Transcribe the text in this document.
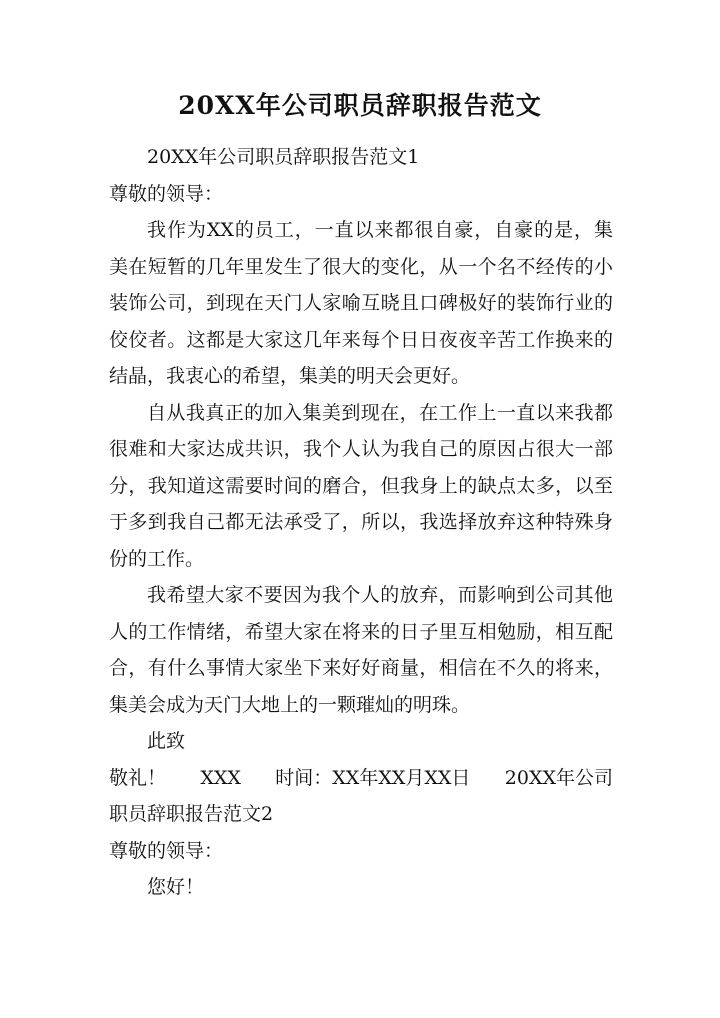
20XX年公司职员辞职报告范文
20XX年公司职员辞职报告范文1
尊敬的领导：
我作为XX的员工，一直以来都很自豪，自豪的是，集
美在短暂的几年里发生了很大的变化，从一个名不经传的小
装饰公司，到现在天门人家喻互晓且口碑极好的装饰行业的
佼佼者。这都是大家这几年来每个日日夜夜辛苦工作换来的
结晶，我衷心的希望，集美的明天会更好。
自从我真正的加入集美到现在，在工作上一直以来我都
很难和大家达成共识，我个人认为我自己的原因占很大一部
分，我知道这需要时间的磨合，但我身上的缺点太多，以至
于多到我自己都无法承受了，所以，我选择放弃这种特殊身
份的工作。
我希望大家不要因为我个人的放弃，而影响到公司其他
人的工作情绪，希望大家在将来的日子里互相勉励，相互配
合，有什么事情大家坐下来好好商量，相信在不久的将来，
集美会成为天门大地上的一颗璀灿的明珠。
此致
敬礼！ XXX 时间：XX年XX月XX日 20XX年公司
职员辞职报告范文2
尊敬的领导：
您好！
